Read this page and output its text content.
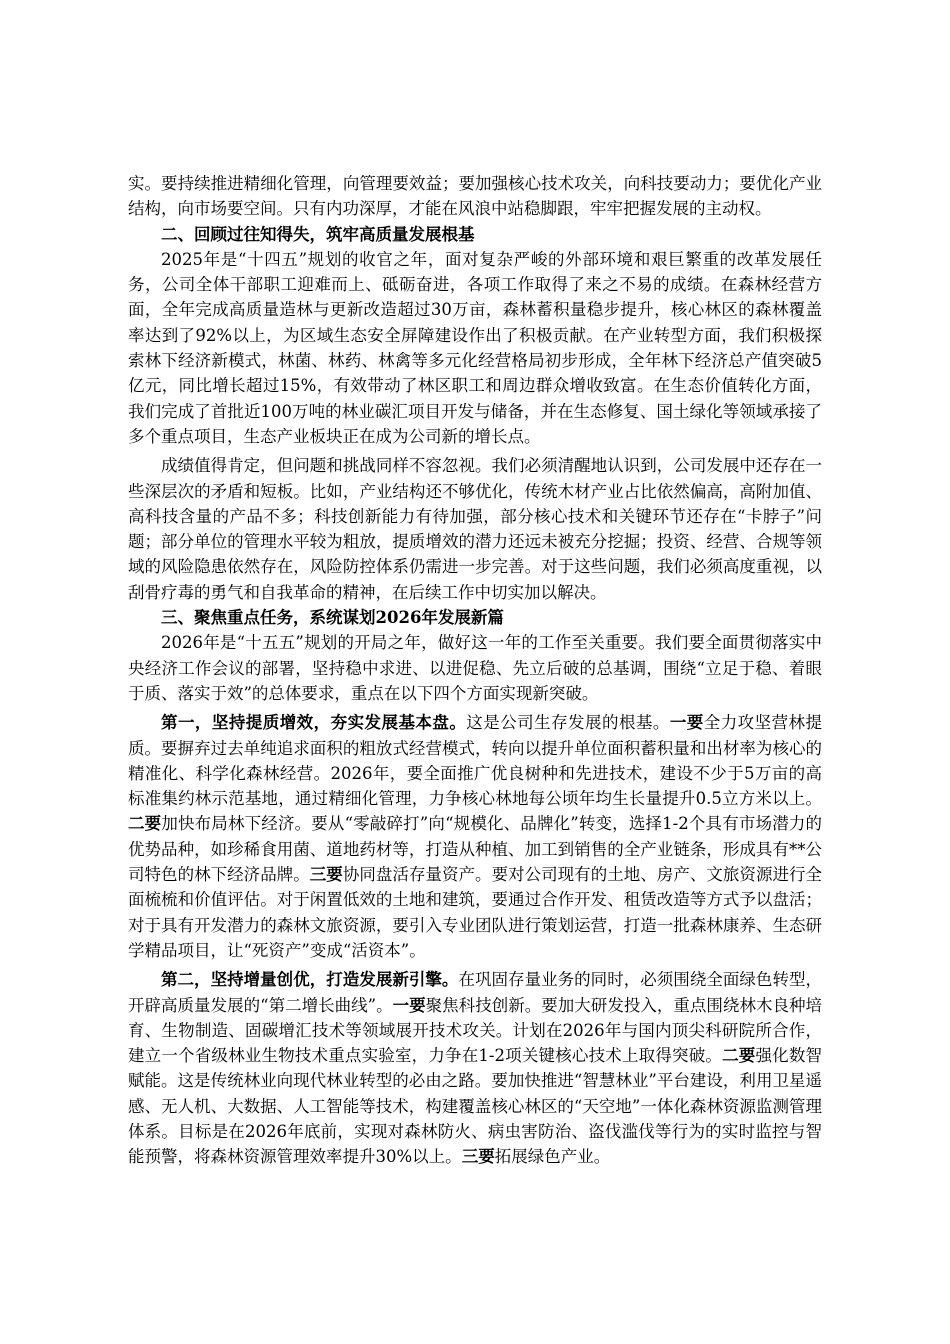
实。要持续推进精细化管理，向管理要效益；要加强核心技术攻关，向科技要动力；要优化产业结构，向市场要空间。只有内功深厚，才能在风浪中站稳脚跟，牢牢把握发展的主动权。

二、回顾过往知得失，筑牢高质量发展根基

2025年是“十四五”规划的收官之年，面对复杂严峻的外部环境和艰巨繁重的改革发展任务，公司全体干部职工迎难而上、砥砺奋进，各项工作取得了来之不易的成绩。在森林经营方面，全年完成高质量造林与更新改造超过30万亩，森林蓄积量稳步提升，核心林区的森林覆盖率达到了92%以上，为区域生态安全屏障建设作出了积极贡献。在产业转型方面，我们积极探索林下经济新模式，林菌、林药、林禽等多元化经营格局初步形成，全年林下经济总产值突破5亿元，同比增长超过15%，有效带动了林区职工和周边群众增收致富。在生态价值转化方面，我们完成了首批近100万吨的林业碳汇项目开发与储备，并在生态修复、国土绿化等领域承接了多个重点项目，生态产业板块正在成为公司新的增长点。

成绩值得肯定，但问题和挑战同样不容忽视。我们必须清醒地认识到，公司发展中还存在一些深层次的矛盾和短板。比如，产业结构还不够优化，传统木材产业占比依然偏高，高附加值、高科技含量的产品不多；科技创新能力有待加强，部分核心技术和关键环节还存在“卡脖子”问题；部分单位的管理水平较为粗放，提质增效的潜力还远未被充分挖掘；投资、经营、合规等领域的风险隐患依然存在，风险防控体系仍需进一步完善。对于这些问题，我们必须高度重视，以刮骨疗毒的勇气和自我革命的精神，在后续工作中切实加以解决。

三、聚焦重点任务，系统谋划2026年发展新篇

2026年是“十五五”规划的开局之年，做好这一年的工作至关重要。我们要全面贯彻落实中央经济工作会议的部署，坚持稳中求进、以进促稳、先立后破的总基调，围绕“立足于稳、着眼于质、落实于效”的总体要求，重点在以下四个方面实现新突破。

第一，坚持提质增效，夯实发展基本盘。这是公司生存发展的根基。一要全力攻坚营林提质。要摒弃过去单纯追求面积的粗放式经营模式，转向以提升单位面积蓄积量和出材率为核心的精准化、科学化森林经营。2026年，要全面推广优良树种和先进技术，建设不少于5万亩的高标准集约林示范基地，通过精细化管理，力争核心林地每公顷年均生长量提升0.5立方米以上。二要加快布局林下经济。要从“零敲碎打”向“规模化、品牌化”转变，选择1-2个具有市场潜力的优势品种，如珍稀食用菌、道地药材等，打造从种植、加工到销售的全产业链条，形成具有**公司特色的林下经济品牌。三要协同盘活存量资产。要对公司现有的土地、房产、文旅资源进行全面梳梳和价值评估。对于闲置低效的土地和建筑，要通过合作开发、租赁改造等方式予以盘活；对于具有开发潜力的森林文旅资源，要引入专业团队进行策划运营，打造一批森林康养、生态研学精品项目，让“死资产”变成“活资本”。

第二，坚持增量创优，打造发展新引擎。在巩固存量业务的同时，必须围绕全面绿色转型，开辟高质量发展的“第二增长曲线”。一要聚焦科技创新。要加大研发投入，重点围绕林木良种培育、生物制造、固碳增汇技术等领域展开技术攻关。计划在2026年与国内顶尖科研院所合作，建立一个省级林业生物技术重点实验室，力争在1-2项关键核心技术上取得突破。二要强化数智赋能。这是传统林业向现代林业转型的必由之路。要加快推进“智慧林业”平台建设，利用卫星遥感、无人机、大数据、人工智能等技术，构建覆盖核心林区的“天空地”一体化森林资源监测管理体系。目标是在2026年底前，实现对森林防火、病虫害防治、盗伐滥伐等行为的实时监控与智能预警，将森林资源管理效率提升30%以上。三要拓展绿色产业。
